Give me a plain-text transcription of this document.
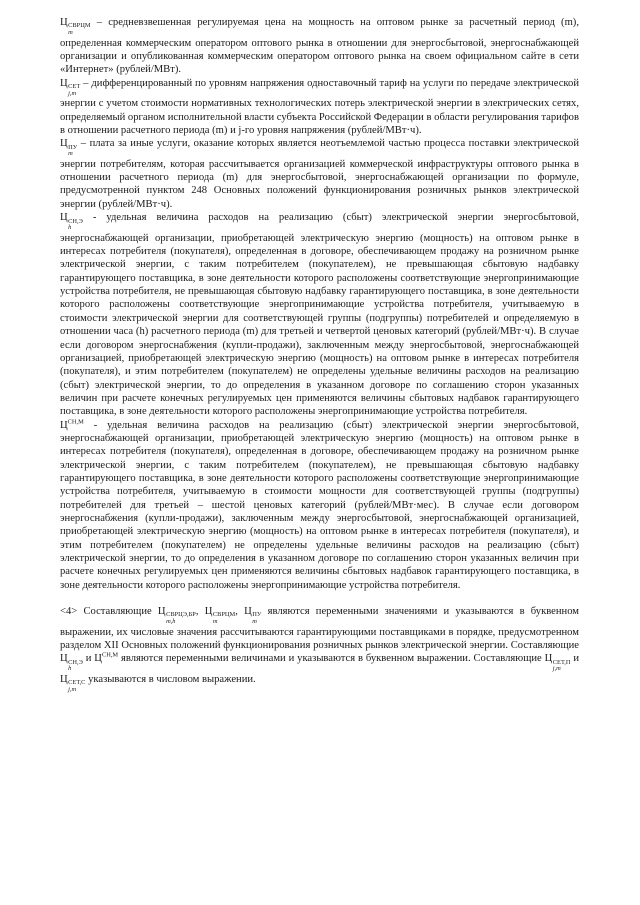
Ц СВРЦМ
m
– средневзвешенная регулируемая цена на мощность на оптовом рынке за расчетный период (m), определенная коммерческим оператором оптового рынка в отношении для энергосбытовой, энергоснабжающей организации и опубликованная коммерческим оператором оптового рынка на своем официальном сайте в сети «Интернет» (рублей/МВт).

Ц СЕТ
j,m
– дифференцированный по уровням напряжения одноставочный тариф на услуги по передаче электрической энергии с учетом стоимости нормативных технологических потерь электрической энергии в электрических сетях, определяемый органом исполнительной власти субъекта Российской Федерации в области регулирования тарифов в отношении расчетного периода (m) и j-го уровня напряжения (рублей/МВт·ч).

Ц ПУ
m
– плата за иные услуги, оказание которых является неотъемлемой частью процесса поставки электрической энергии потребителям, которая рассчитывается организацией коммерческой инфраструктуры оптового рынка в отношении расчетного периода (m) для энергосбытовой, энергоснабжающей организации по формуле, предусмотренной пунктом 248 Основных положений функционирования розничных рынков электрической энергии (рублей/МВт·ч).

Ц СН,Э
h
- удельная величина расходов на реализацию (сбыт) электрической энергии энергосбытовой, энергоснабжающей организации, приобретающей электрическую энергию (мощность) на оптовом рынке в интересах потребителя (покупателя), определенная в договоре, обеспечивающем продажу на розничном рынке электрической энергии, с таким потребителем (покупателем), не превышающая сбытовую надбавку гарантирующего поставщика, в зоне деятельности которого расположены соответствующие энергопринимающие устройства потребителя, не превышающая сбытовую надбавку гарантирующего поставщика, в зоне деятельности которого расположены соответствующие энергопринимающие устройства потребителя, учитываемую в стоимости электрической энергии для соответствующей группы (подгруппы) потребителей и определяемую в отношении часа (h) расчетного периода (m) для третьей и четвертой ценовых категорий (рублей/МВт·ч). В случае если договором энергоснабжения (купли-продажи), заключенным между энергосбытовой, энергоснабжающей организацией, приобретающей электрическую энергию (мощность) на оптовом рынке в интересах потребителя (покупателя), и этим потребителем (покупателем) не определены удельные величины расходов на реализацию (сбыт) электрической энергии, то до определения в указанном договоре по соглашению сторон указанных величин при расчете конечных регулируемых цен применяются величины сбытовых надбавок гарантирующего поставщика, в зоне деятельности которого расположены энергопринимающие устройства потребителя.

$Ц^{СН,М}$ - удельная величина расходов на реализацию (сбыт) электрической энергии энергосбытовой, энергоснабжающей организации, приобретающей электрическую энергию (мощность) на оптовом рынке в интересах потребителя (покупателя), определенная в договоре, обеспечивающем продажу на розничном рынке электрической энергии, с таким потребителем (покупателем), не превышающая сбытовую надбавку гарантирующего поставщика, в зоне деятельности которого расположены соответствующие энергопринимающие устройства потребителя, учитываемую в стоимости мощности для соответствующей группы (подгруппы) потребителей для третьей – шестой ценовых категорий (рублей/МВт·мес). В случае если договором энергоснабжения (купли-продажи), заключенным между энергосбытовой, энергоснабжающей организацией, приобретающей электрическую энергию (мощность) на оптовом рынке в интересах потребителя (покупателя), и этим потребителем (покупателем) не определены удельные величины расходов на реализацию (сбыт) электрической энергии, то до определения в указанном договоре по соглашению сторон указанных величин при расчете конечных регулируемых цен применяются величины сбытовых надбавок гарантирующего поставщика, в зоне деятельности которого расположены энергопринимающие устройства потребителя.

<4> Составляющие Ц СВРЦЭ,БР
m,h
, Ц СВРЦМ
m
, Ц ПУ
m
являются переменными значениями и указываются в буквенном выражении, их числовые значения рассчитываются гарантирующими поставщиками в порядке, предусмотренном разделом XII Основных положений функционирования розничных рынков электрической энергии. Составляющие Ц СН,Э
h
и $Ц^{СН,М}$ являются переменными величинами и указываются в буквенном выражении. Составляющие Ц СЕТ,П
j,m
и Ц СЕТ,С
j,m
указываются в числовом выражении.
